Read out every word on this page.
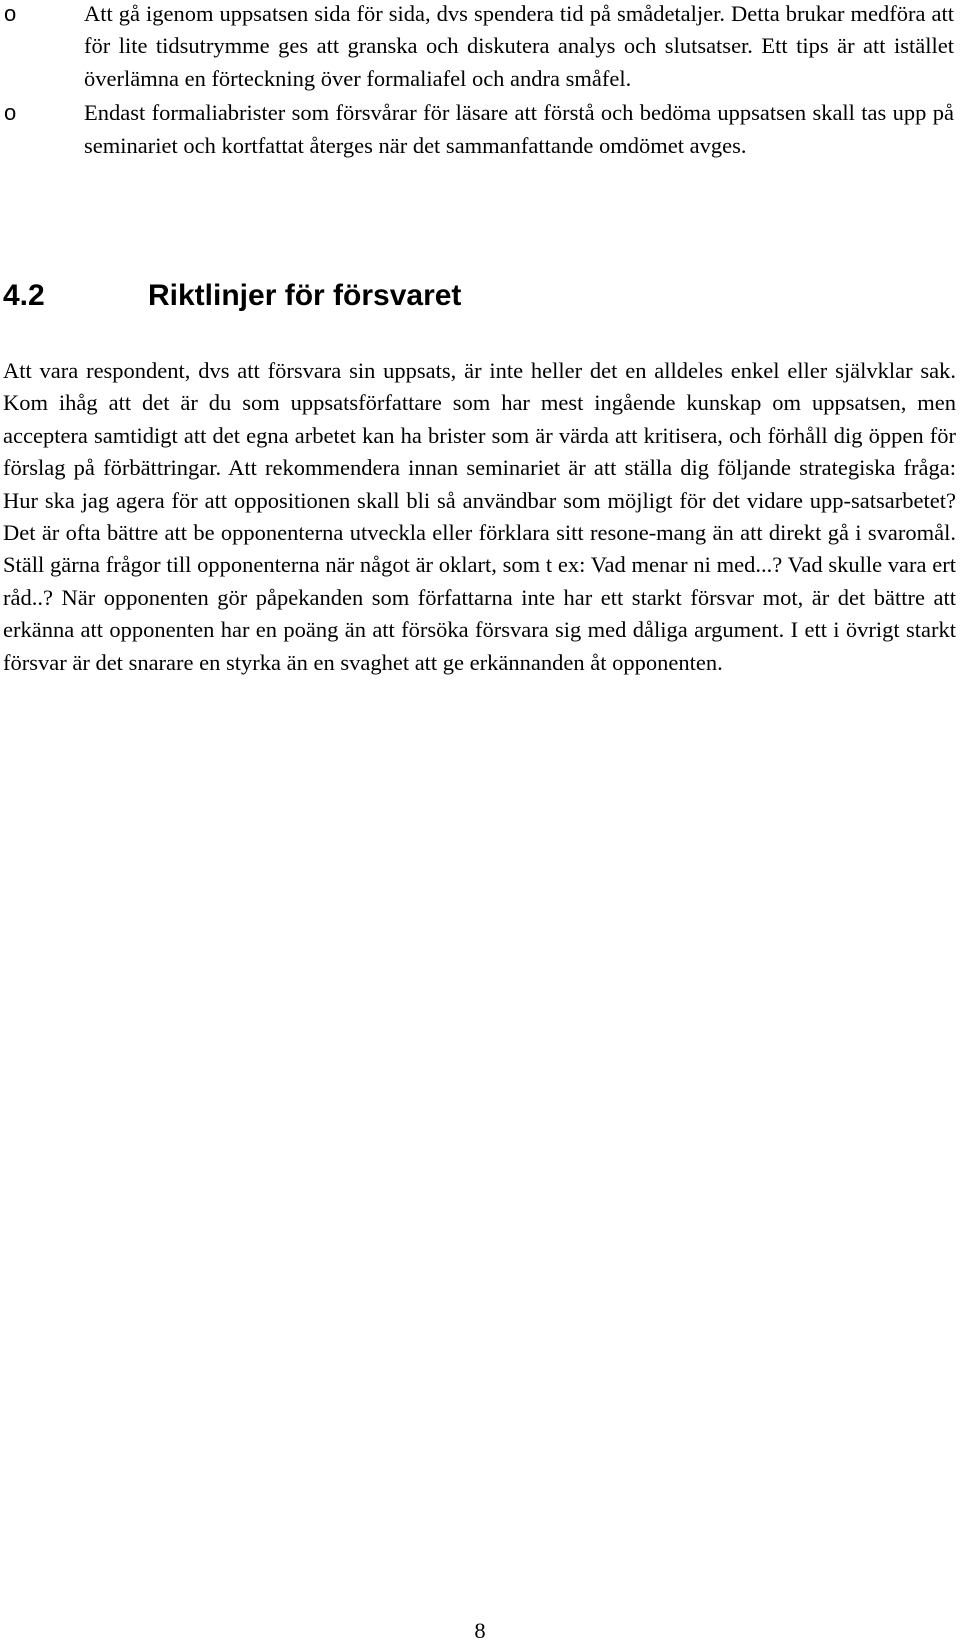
o	Att gå igenom uppsatsen sida för sida, dvs spendera tid på smådetaljer. Detta brukar medföra att för lite tidsutrymme ges att granska och diskutera analys och slutsatser. Ett tips är att istället överlämna en förteckning över formaliafel och andra småfel.
o	Endast formaliabrister som försvårar för läsare att förstå och bedöma uppsatsen skall tas upp på seminariet och kortfattat återges när det sammanfattande omdömet avges.
4.2	Riktlinjer för försvaret

Att vara respondent, dvs att försvara sin uppsats, är inte heller det en alldeles enkel eller självklar sak. Kom ihåg att det är du som uppsatsförfattare som har mest ingående kunskap om uppsatsen, men acceptera samtidigt att det egna arbetet kan ha brister som är värda att kritisera, och förhåll dig öppen för förslag på förbättringar. Att rekommendera innan seminariet är att ställa dig följande strategiska fråga: Hur ska jag agera för att oppositionen skall bli så användbar som möjligt för det vidare upp-satsarbetet? Det är ofta bättre att be opponenterna utveckla eller förklara sitt resone-mang än att direkt gå i svaromål. Ställ gärna frågor till opponenterna när något är oklart, som t ex: Vad menar ni med...? Vad skulle vara ert råd..? När opponenten gör påpekanden som författarna inte har ett starkt försvar mot, är det bättre att erkänna att opponenten har en poäng än att försöka försvara sig med dåliga argument. I ett i övrigt starkt försvar är det snarare en styrka än en svaghet att ge erkännanden åt opponenten.

8
